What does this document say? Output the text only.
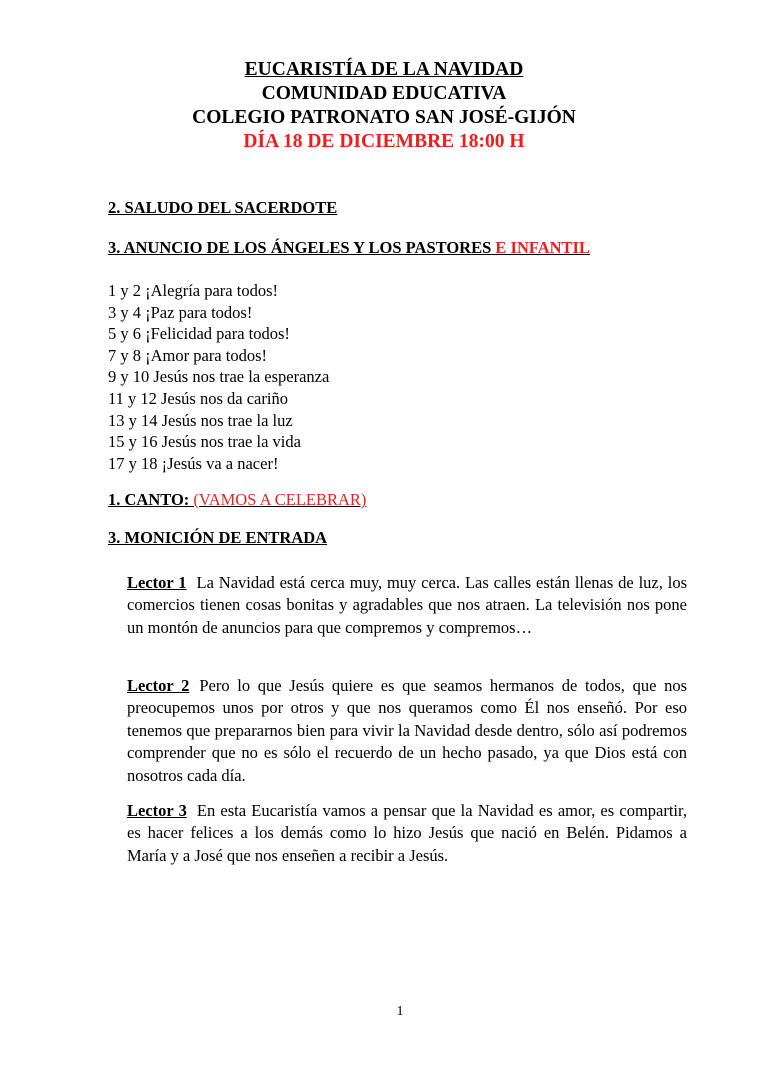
EUCARISTÍA DE LA NAVIDAD
COMUNIDAD EDUCATIVA
COLEGIO PATRONATO SAN JOSÉ-GIJÓN
DÍA 18 DE DICIEMBRE 18:00 H
2. SALUDO DEL SACERDOTE
3. ANUNCIO DE LOS ÁNGELES Y LOS PASTORES E INFANTIL
1 y 2 ¡Alegría para todos!
3 y 4 ¡Paz para todos!
5 y 6 ¡Felicidad para todos!
7 y 8 ¡Amor para todos!
9 y 10 Jesús nos trae la esperanza
11 y 12 Jesús nos da cariño
13 y 14 Jesús nos trae la luz
15 y 16 Jesús nos trae la vida
17 y 18 ¡Jesús va a nacer!
1. CANTO: (VAMOS A CELEBRAR)
3. MONICIÓN DE ENTRADA
Lector 1 La Navidad está cerca muy, muy cerca. Las calles están llenas de luz, los comercios tienen cosas bonitas y agradables que nos atraen. La televisión nos pone un montón de anuncios para que compremos y compremos…
Lector 2 Pero lo que Jesús quiere es que seamos hermanos de todos, que nos preocupemos unos por otros y que nos queramos como Él nos enseñó. Por eso tenemos que prepararnos bien para vivir la Navidad desde dentro, sólo así podremos comprender que no es sólo el recuerdo de un hecho pasado, ya que Dios está con nosotros cada día.
Lector 3 En esta Eucaristía vamos a pensar que la Navidad es amor, es compartir, es hacer felices a los demás como lo hizo Jesús que nació en Belén. Pidamos a María y a José que nos enseñen a recibir a Jesús.
1
